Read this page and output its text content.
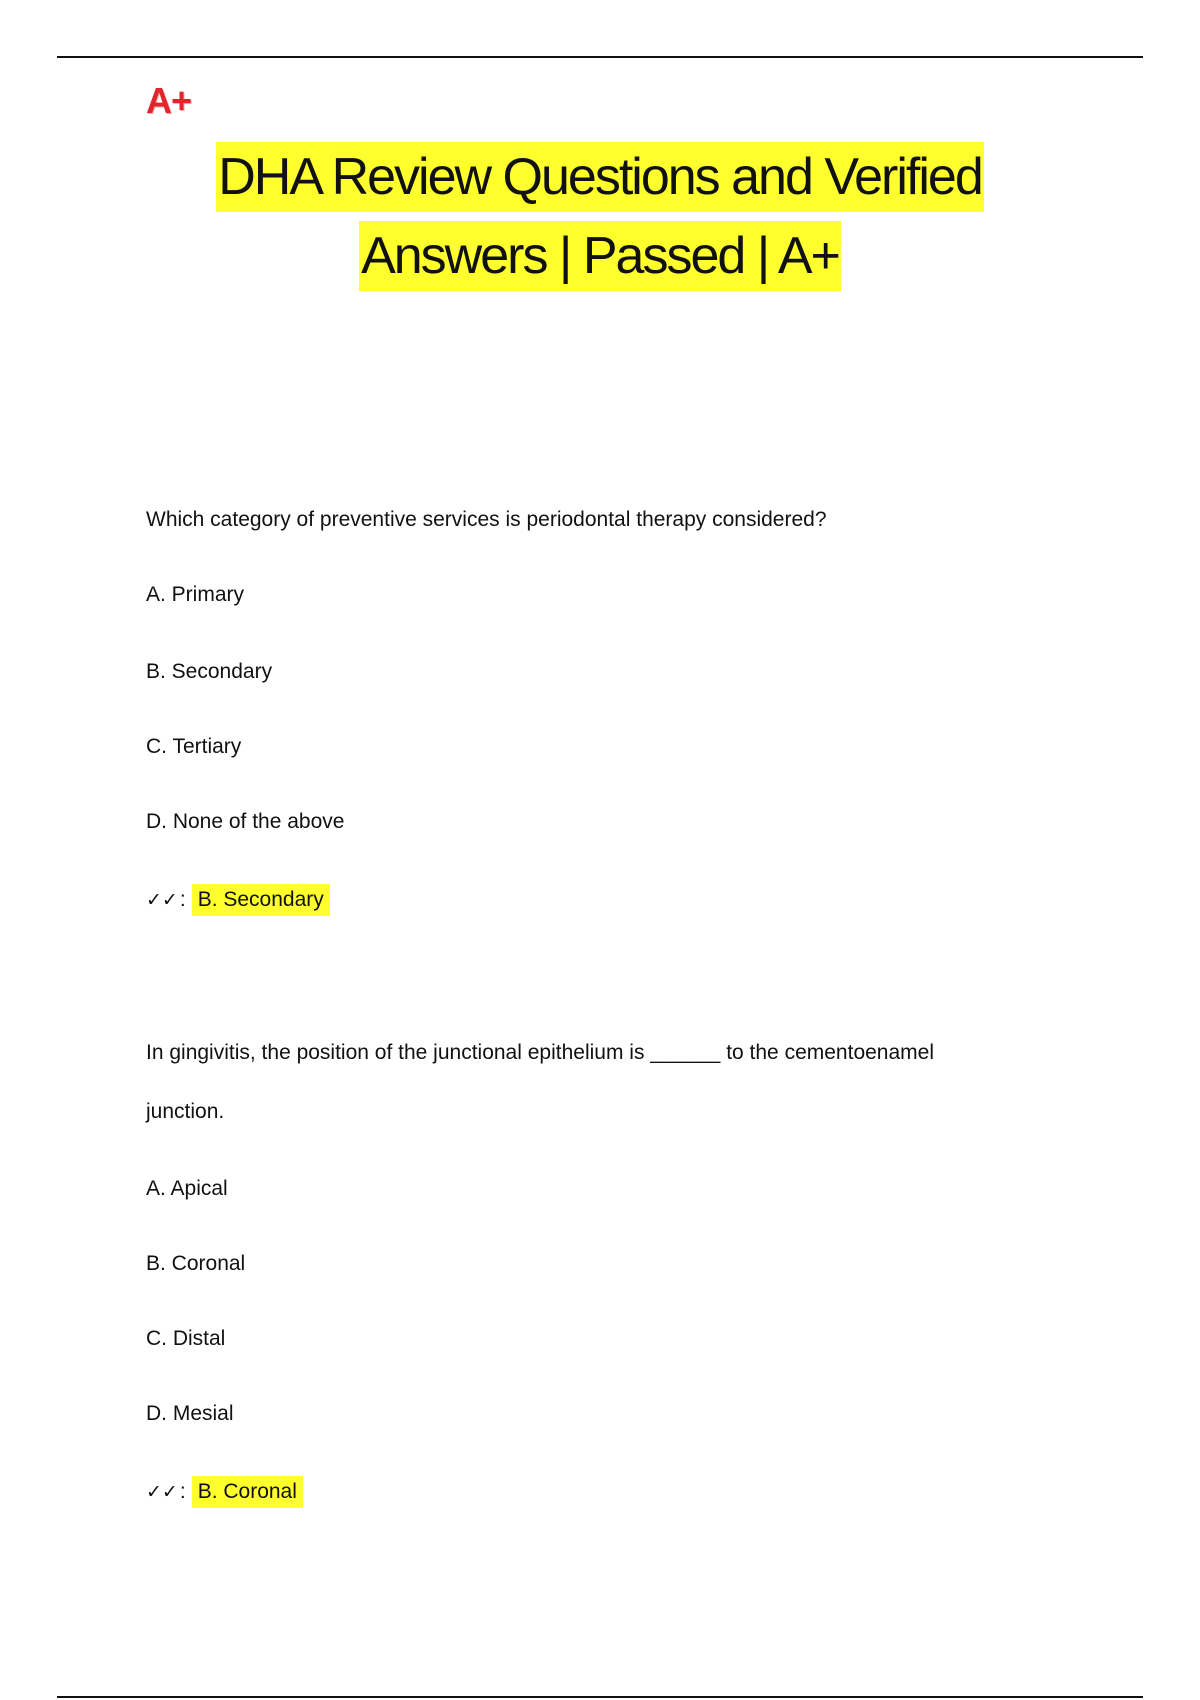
A+
DHA Review Questions and Verified
Answers | Passed | A+
Which category of preventive services is periodontal therapy considered?
A. Primary
B. Secondary
C. Tertiary
D. None of the above
✓✓ : B. Secondary
In gingivitis, the position of the junctional epithelium is ______ to the cementoenamel
junction.
A. Apical
B. Coronal
C. Distal
D. Mesial
✓✓ : B. Coronal
